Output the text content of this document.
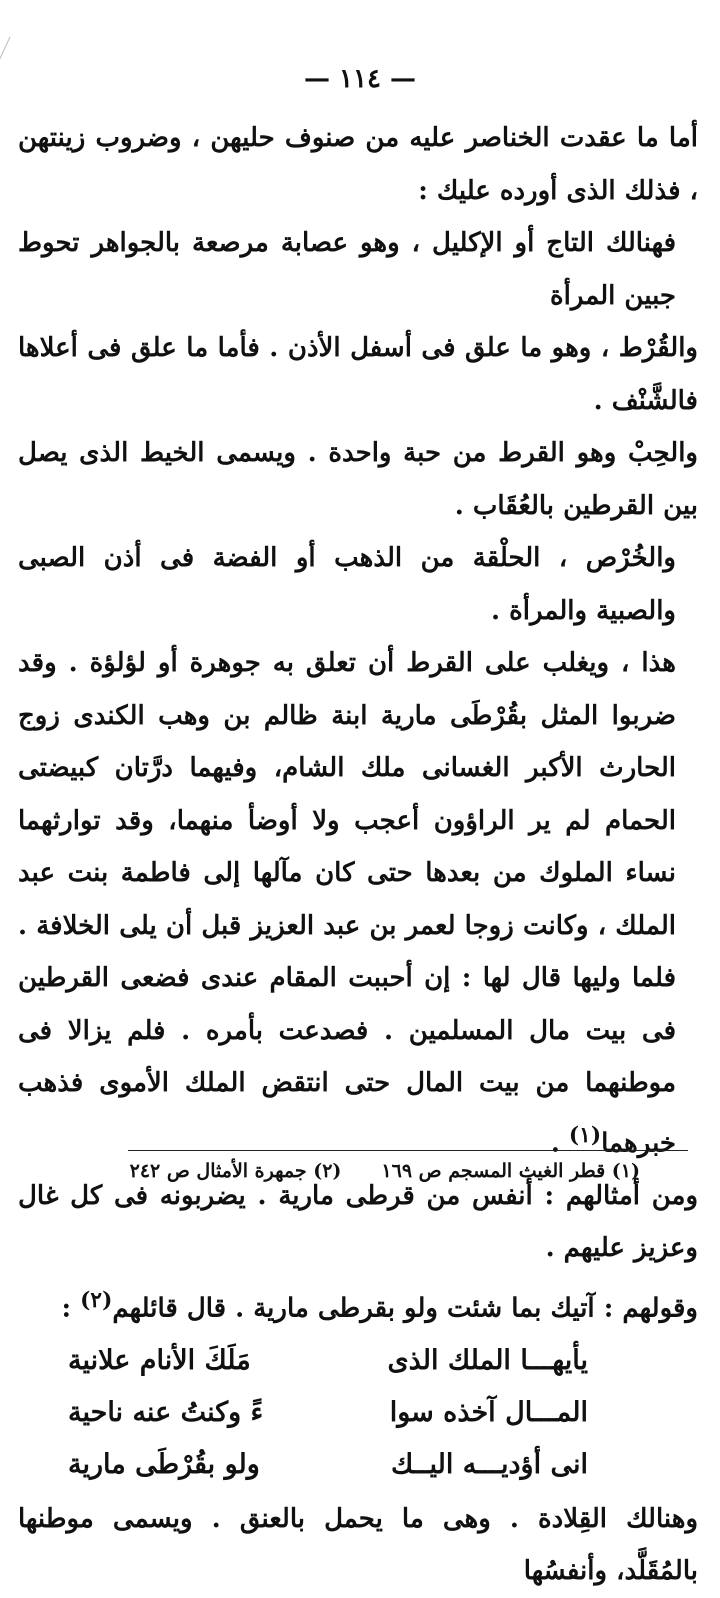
— ١١٤ —

أما ما عقدت الخناصر عليه من صنوف حليهن ، وضروب زينتهن ، فذلك الذى أورده عليك :

فهنالك التاج أو الإكليل ، وهو عصابة مرصعة بالجواهر تحوط جبين المرأة

والقُرْط ، وهو ما علق فى أسفل الأذن . فأما ما علق فى أعلاها فالشَّنْف .

والحِبْ وهو القرط من حبة واحدة . ويسمى الخيط الذى يصل بين القرطين بالعُقَاب .

والخُرْص ، الحلْقة من الذهب أو الفضة فى أذن الصبى والصبية والمرأة .

هذا ، ويغلب على القرط أن تعلق به جوهرة أو لؤلؤة . وقد ضربوا المثل بقُرْطَى مارية ابنة ظالم بن وهب الكندى زوج الحارث الأكبر الغسانى ملك الشام، وفيهما درَّتان كبيضتى الحمام لم ير الراؤون أعجب ولا أوضأ منهما، وقد توارثهما نساء الملوك من بعدها حتى كان مآلها إلى فاطمة بنت عبد الملك ، وكانت زوجا لعمر بن عبد العزيز قبل أن يلى الخلافة . فلما وليها قال لها : إن أحببت المقام عندى فضعى القرطين فى بيت مال المسلمين . فصدعت بأمره . فلم يزالا فى موطنهما من بيت المال حتى انتقض الملك الأموى فذهب خبرهما$^{(١)}$ .

ومن أمثالهم : أنفس من قرطى مارية . يضربونه فى كل غال وعزيز عليهم .

وقولهم : آتيك بما شئت ولو بقرطى مارية . قال قائلهم$^{(٢)}$ :

يأيهـــا الملك الذى
مَلَكَ الأنام علانية
المـــال آخذه سوا
ءً وكنتُ عنه ناحية
انى أؤديـــه اليــك
ولو بقُرْطَى مارية

وهنالك القِلادة . وهى ما يحمل بالعنق . ويسمى موطنها بالمُقَلَّد، وأنفسُها

(١) قطر الغيث المسجم ص ١٦٩
(٢) جمهرة الأمثال ص ٢٤٢
